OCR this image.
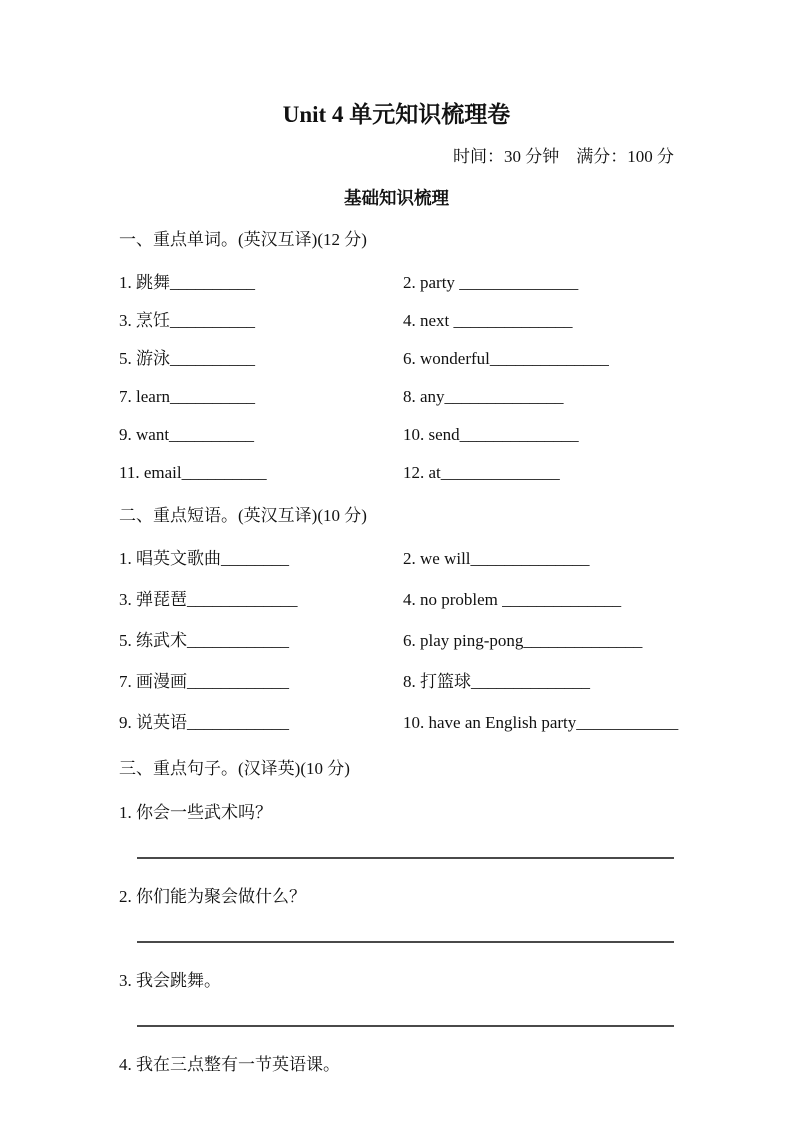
Unit 4 单元知识梳理卷
时间：30 分钟　满分：100 分
基础知识梳理
一、重点单词。(英汉互译)(12 分)
1. 跳舞__________	2. party ______________
3. 烹饪__________	4. next ______________
5. 游泳__________	6. wonderful______________
7. learn__________	8. any______________
9. want__________	10. send______________
11. email__________	12. at______________
二、重点短语。(英汉互译)(10 分)
1. 唱英文歌曲________	2. we will______________
3. 弹琵琶_____________	4. no problem ______________
5. 练武术____________	6. play ping-pong______________
7. 画漫画____________	8. 打篮球______________
9. 说英语____________	10. have an English party____________
三、重点句子。(汉译英)(10 分)
1. 你会一些武术吗？
2. 你们能为聚会做什么？
3. 我会跳舞。
4. 我在三点整有一节英语课。
